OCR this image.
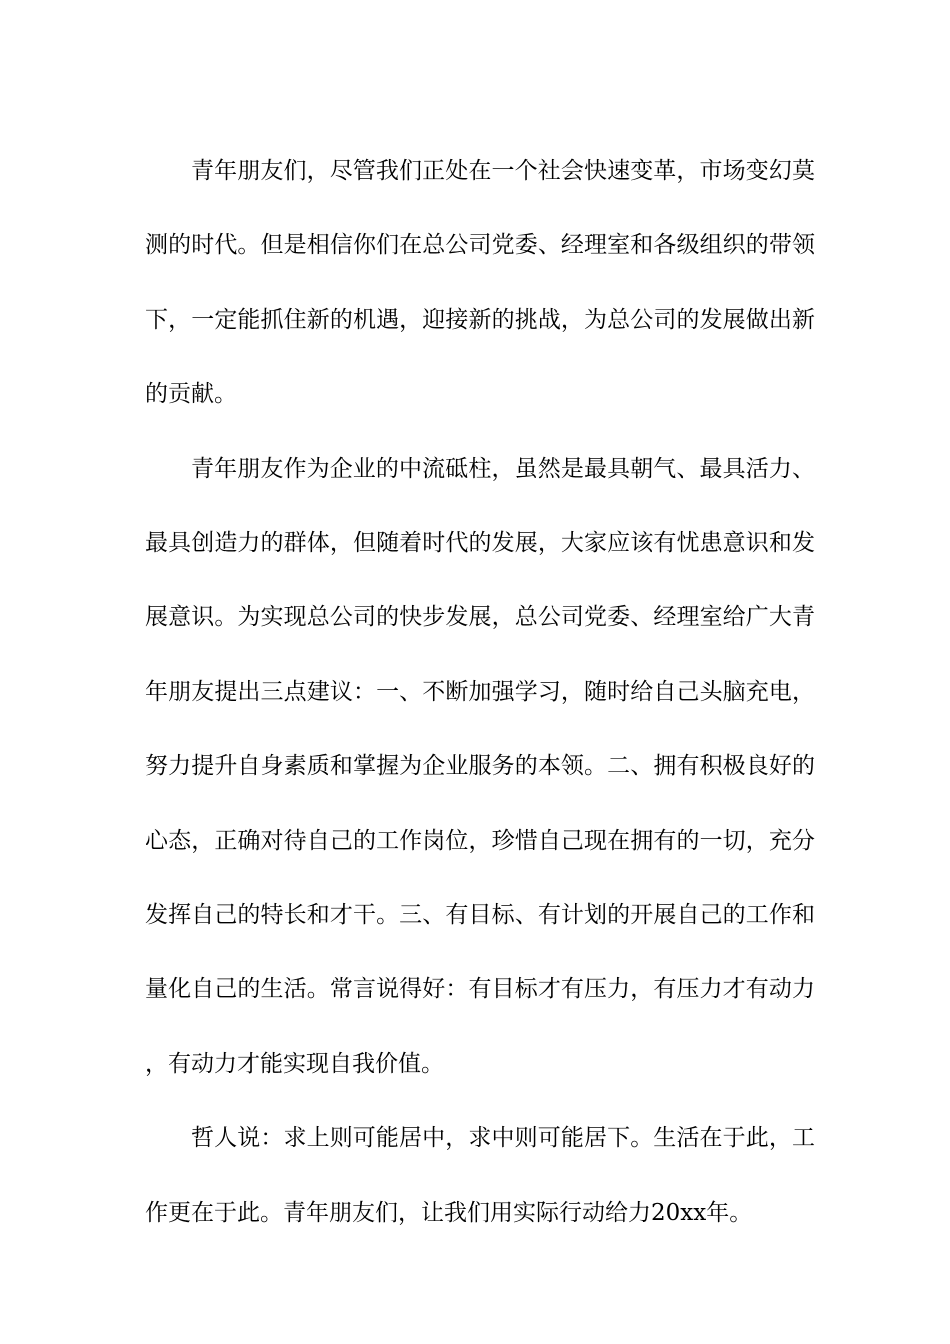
青年朋友们，尽管我们正处在一个社会快速变革，市场变幻莫测的时代。但是相信你们在总公司党委、经理室和各级组织的带领下，一定能抓住新的机遇，迎接新的挑战，为总公司的发展做出新的贡献。

青年朋友作为企业的中流砥柱，虽然是最具朝气、最具活力、最具创造力的群体，但随着时代的发展，大家应该有忧患意识和发展意识。为实现总公司的快步发展，总公司党委、经理室给广大青年朋友提出三点建议：一、不断加强学习，随时给自己头脑充电，努力提升自身素质和掌握为企业服务的本领。二、拥有积极良好的心态，正确对待自己的工作岗位，珍惜自己现在拥有的一切，充分发挥自己的特长和才干。三、有目标、有计划的开展自己的工作和量化自己的生活。常言说得好：有目标才有压力，有压力才有动力，有动力才能实现自我价值。

哲人说：求上则可能居中，求中则可能居下。生活在于此，工作更在于此。青年朋友们，让我们用实际行动给力20xx年。
